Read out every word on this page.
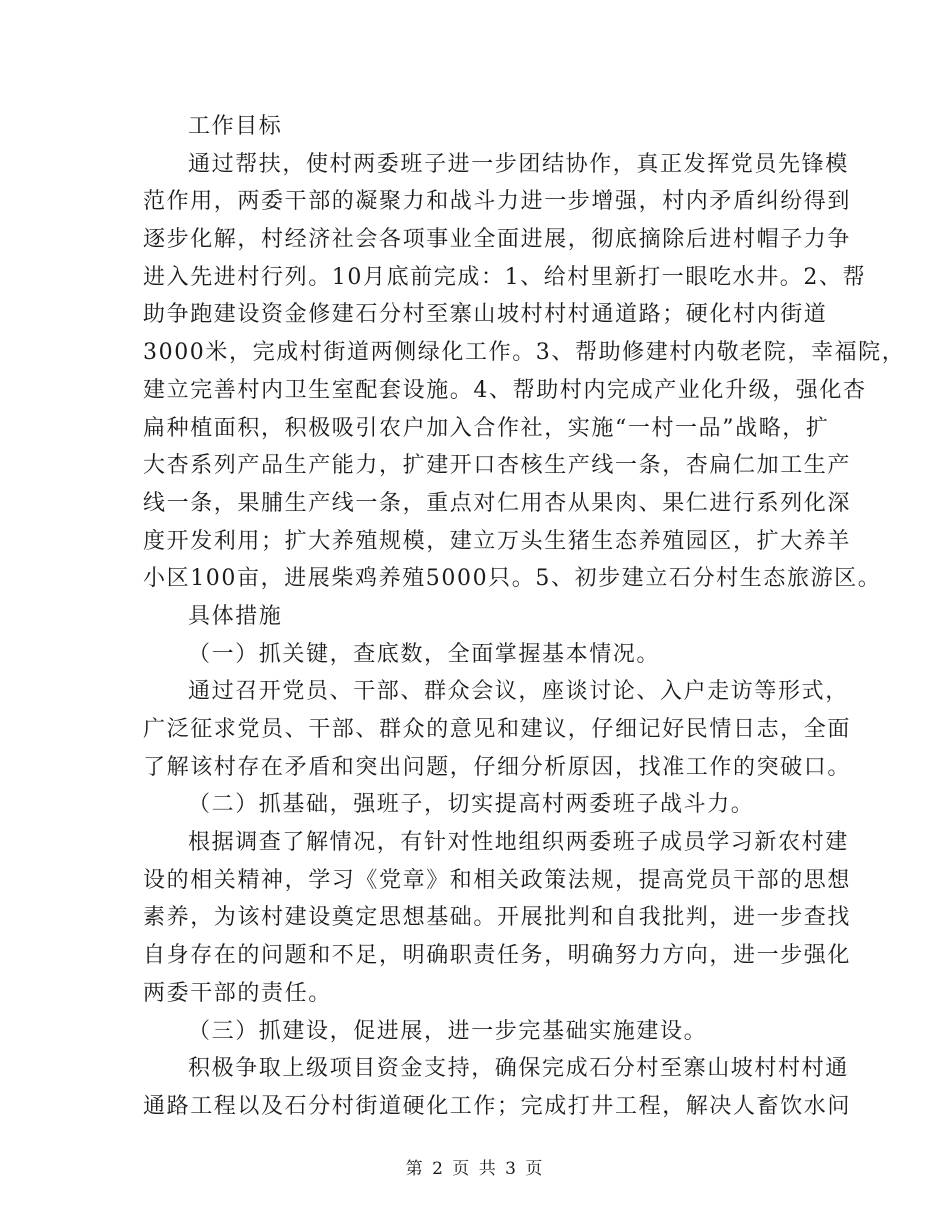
工作目标
通过帮扶，使村两委班子进一步团结协作，真正发挥党员先锋模
范作用，两委干部的凝聚力和战斗力进一步增强，村内矛盾纠纷得到
逐步化解，村经济社会各项事业全面进展，彻底摘除后进村帽子力争
进入先进村行列。10月底前完成：1、给村里新打一眼吃水井。2、帮
助争跑建设资金修建石分村至寨山坡村村村通道路；硬化村内街道
3000米，完成村街道两侧绿化工作。3、帮助修建村内敬老院，幸福院，
建立完善村内卫生室配套设施。4、帮助村内完成产业化升级，强化杏
扁种植面积，积极吸引农户加入合作社，实施“一村一品”战略，扩
大杏系列产品生产能力，扩建开口杏核生产线一条，杏扁仁加工生产
线一条，果脯生产线一条，重点对仁用杏从果肉、果仁进行系列化深
度开发利用；扩大养殖规模，建立万头生猪生态养殖园区，扩大养羊
小区100亩，进展柴鸡养殖5000只。5、初步建立石分村生态旅游区。
具体措施
（一）抓关键，查底数，全面掌握基本情况。
通过召开党员、干部、群众会议，座谈讨论、入户走访等形式，
广泛征求党员、干部、群众的意见和建议，仔细记好民情日志，全面
了解该村存在矛盾和突出问题，仔细分析原因，找准工作的突破口。
（二）抓基础，强班子，切实提高村两委班子战斗力。
根据调查了解情况，有针对性地组织两委班子成员学习新农村建
设的相关精神，学习《党章》和相关政策法规，提高党员干部的思想
素养，为该村建设奠定思想基础。开展批判和自我批判，进一步查找
自身存在的问题和不足，明确职责任务，明确努力方向，进一步强化
两委干部的责任。
（三）抓建设，促进展，进一步完基础实施建设。
积极争取上级项目资金支持，确保完成石分村至寨山坡村村村通
通路工程以及石分村街道硬化工作；完成打井工程，解决人畜饮水问
第 2 页 共 3 页
